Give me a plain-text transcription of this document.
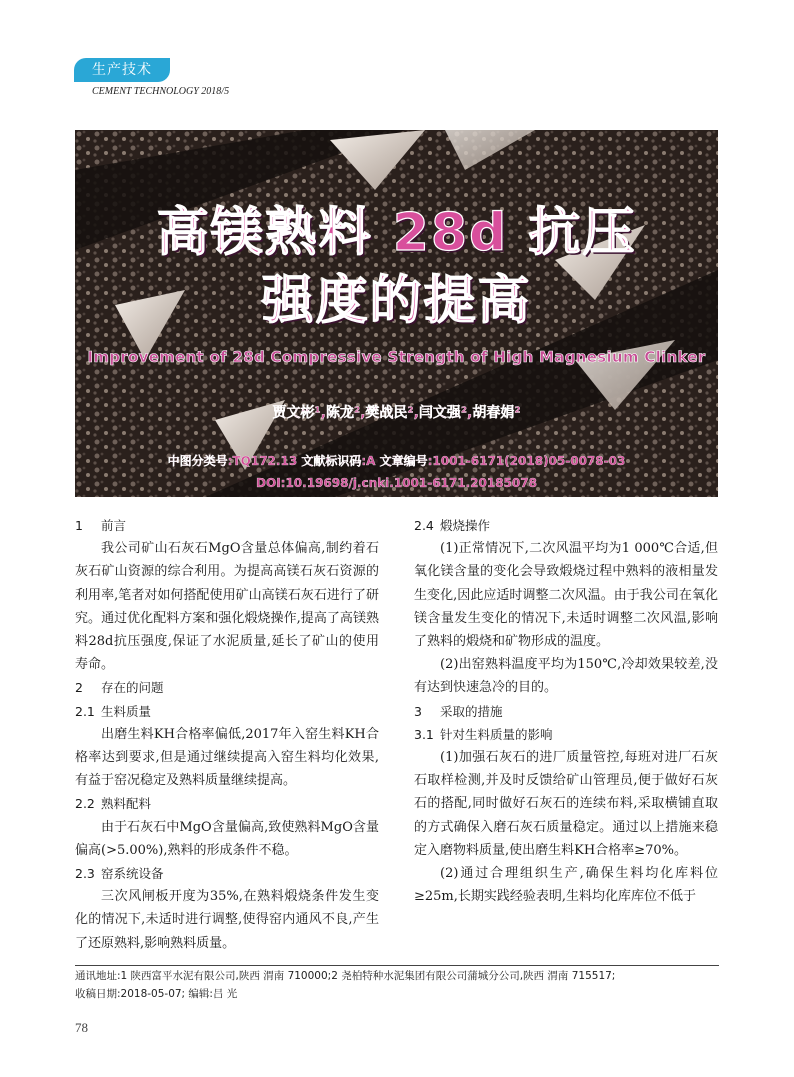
生产技术
CEMENT TECHNOLOGY 2018/5
高镁熟料 28d 抗压
强度的提高
Improvement of 28d Compressive Strength of High Magnesium Clinker
贾文彬¹,陈龙²,樊战民²,闫文强²,胡春娟²
中图分类号:TQ172.13 文献标识码:A 文章编号:1001-6171(2018)05-0078-03
DOI:10.19698/j.cnki.1001-6171.20185078

1 前言

我公司矿山石灰石MgO含量总体偏高,制约着石灰石矿山资源的综合利用。为提高高镁石灰石资源的利用率,笔者对如何搭配使用矿山高镁石灰石进行了研究。通过优化配料方案和强化煅烧操作,提高了高镁熟料28d抗压强度,保证了水泥质量,延长了矿山的使用寿命。

2 存在的问题

2.1 生料质量

出磨生料KH合格率偏低,2017年入窑生料KH合格率达到要求,但是通过继续提高入窑生料均化效果,有益于窑况稳定及熟料质量继续提高。

2.2 熟料配料

由于石灰石中MgO含量偏高,致使熟料MgO含量偏高(>5.00%),熟料的形成条件不稳。

2.3 窑系统设备

三次风闸板开度为35%,在熟料煅烧条件发生变化的情况下,未适时进行调整,使得窑内通风不良,产生了还原熟料,影响熟料质量。

2.4 煅烧操作

(1)正常情况下,二次风温平均为1 000℃合适,但氧化镁含量的变化会导致煅烧过程中熟料的液相量发生变化,因此应适时调整二次风温。由于我公司在氧化镁含量发生变化的情况下,未适时调整二次风温,影响了熟料的煅烧和矿物形成的温度。

(2)出窑熟料温度平均为150℃,冷却效果较差,没有达到快速急冷的目的。

3 采取的措施

3.1 针对生料质量的影响

(1)加强石灰石的进厂质量管控,每班对进厂石灰石取样检测,并及时反馈给矿山管理员,便于做好石灰石的搭配,同时做好石灰石的连续布料,采取横铺直取的方式确保入磨石灰石质量稳定。通过以上措施来稳定入磨物料质量,使出磨生料KH合格率≥70%。

(2)通过合理组织生产,确保生料均化库料位≥25m,长期实践经验表明,生料均化库库位不低于

通讯地址:1 陕西富平水泥有限公司,陕西 渭南 710000;2 尧柏特种水泥集团有限公司蒲城分公司,陕西 渭南 715517;
收稿日期:2018-05-07; 编辑:吕 光
78
